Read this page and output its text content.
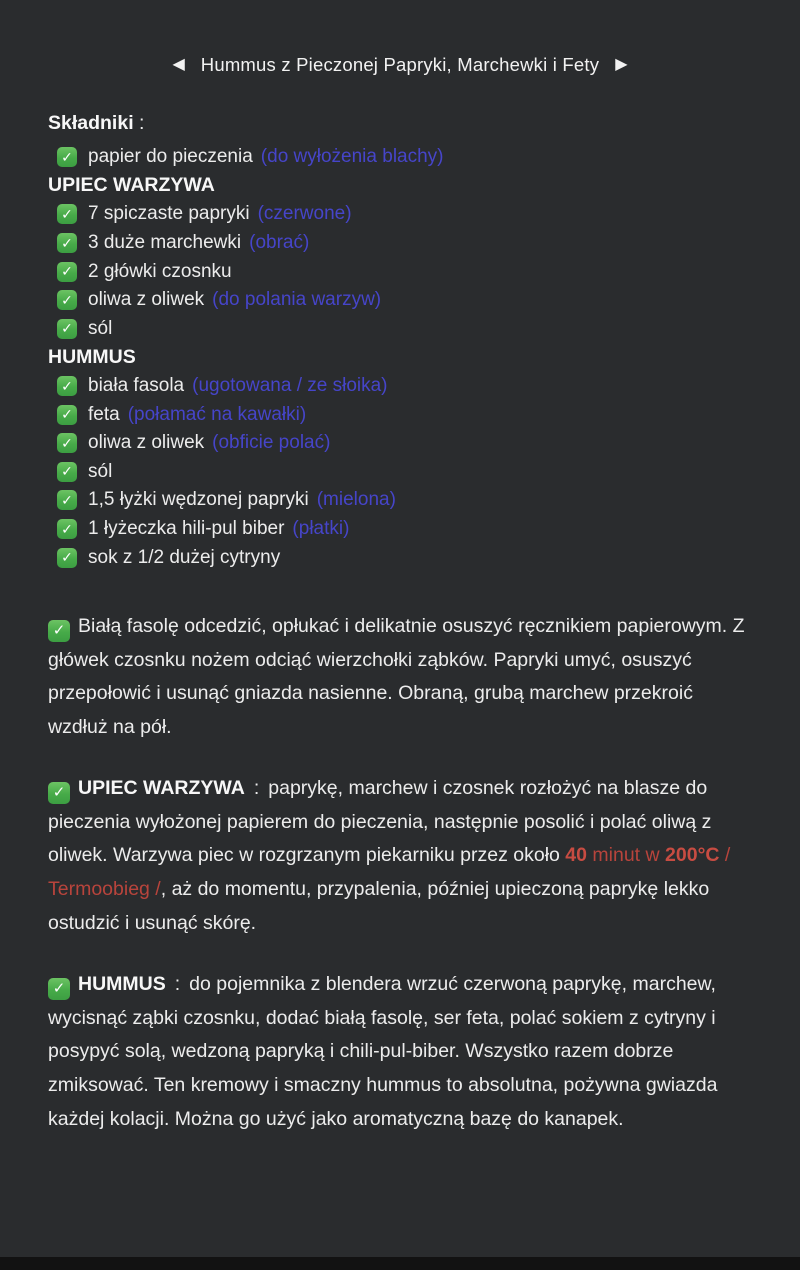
◀ Hummus z Pieczonej Papryki, Marchewki i Fety ▶
Składniki :
✓ papier do pieczenia (do wyłożenia blachy)
UPIEC WARZYWA
✓ 7 spiczaste papryki (czerwone)
✓ 3 duże marchewki (obrać)
✓ 2 główki czosnku
✓ oliwa z oliwek (do polania warzyw)
✓ sól
HUMMUS
✓ biała fasola (ugotowana / ze słoika)
✓ feta (połamać na kawałki)
✓ oliwa z oliwek (obficie polać)
✓ sól
✓ 1,5 łyżki wędzonej papryki (mielona)
✓ 1 łyżeczka hili-pul biber (płatki)
✓ sok z 1/2 dużej cytryny

✓ Białą fasolę odcedzić, opłukać i delikatnie osuszyć ręcznikiem papierowym. Z główek czosnku nożem odciąć wierzchołki ząbków. Papryki umyć, osuszyć przepołowić i usunąć gniazda nasienne. Obraną, grubą marchew przekroić wzdłuż na pół.

✓ UPIEC WARZYWA : paprykę, marchew i czosnek rozłożyć na blasze do pieczenia wyłożonej papierem do pieczenia, następnie posolić i polać oliwą z oliwek. Warzywa piec w rozgrzanym piekarniku przez około 40 minut w 200°C / Termoobieg /, aż do momentu, przypalenia, później upieczoną paprykę lekko ostudzić i usunąć skórę.

✓ HUMMUS : do pojemnika z blendera wrzuć czerwoną paprykę, marchew, wycisnąć ząbki czosnku, dodać białą fasolę, ser feta, polać sokiem z cytryny i posypyć solą, wedzoną papryką i chili-pul-biber. Wszystko razem dobrze zmiksować. Ten kremowy i smaczny hummus to absolutna, pożywna gwiazda każdej kolacji. Można go użyć jako aromatyczną bazę do kanapek.
